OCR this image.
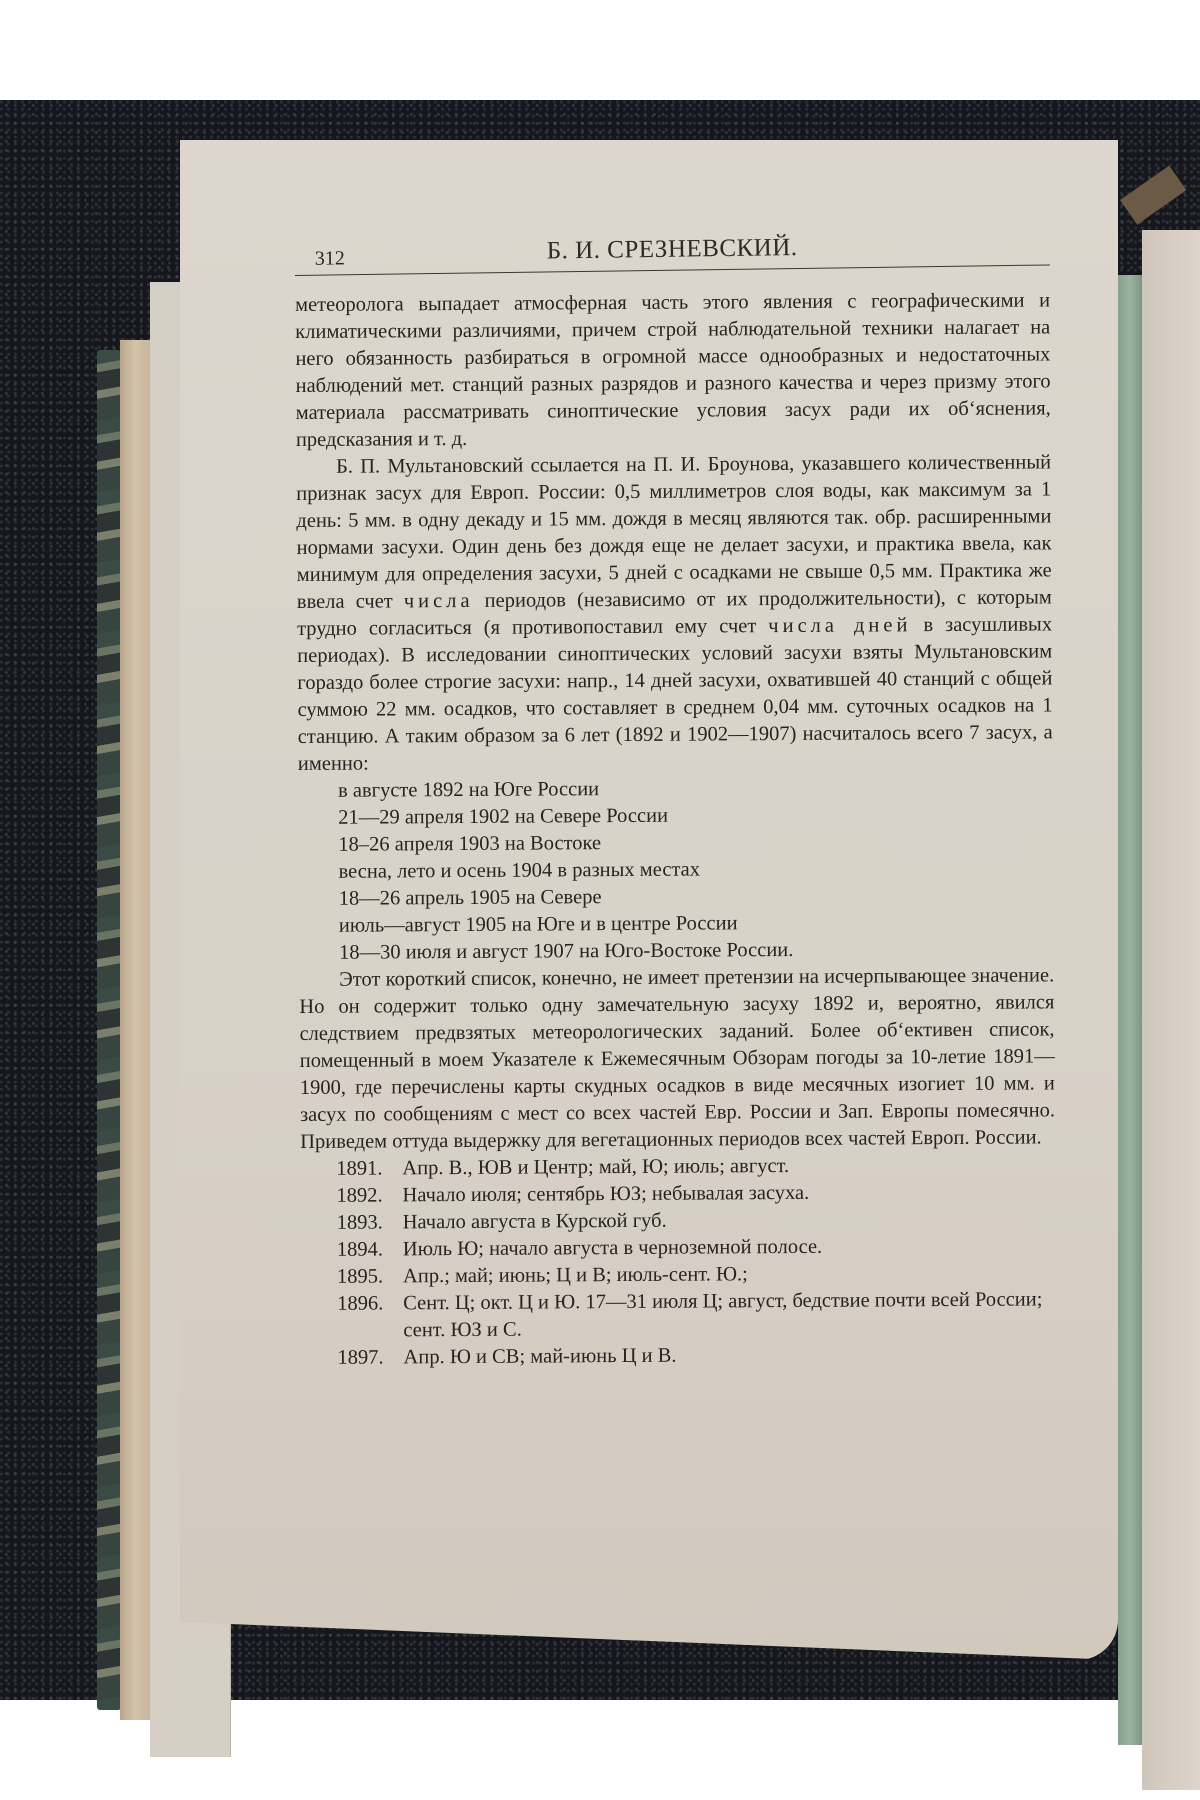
312	Б. И. СРЕЗНЕВСКИЙ.

метеоролога выпадает атмосферная часть этого явления с географическими и климатическими различиями, причем строй наблюдательной техники налагает на него обязанность разбираться в огромной массе однообразных и недостаточных наблюдений мет. станций разных разрядов и разного качества и через призму этого материала рассматривать синоптические условия засух ради их об‘яснения, предсказания и т. д.

Б. П. Мультановский ссылается на П. И. Броунова, указавшего количественный признак засух для Европ. России: 0,5 миллиметров слоя воды, как максимум за 1 день: 5 мм. в одну декаду и 15 мм. дождя в месяц являются так. обр. расширенными нормами засухи. Один день без дождя еще не делает засухи, и практика ввела, как минимум для определения засухи, 5 дней с осадками не свыше 0,5 мм. Практика же ввела счет числа периодов (независимо от их продолжительности), с которым трудно согласиться (я противопоставил ему счет числа дней в засушливых периодах). В исследовании синоптических условий засухи взяты Мультановским гораздо более строгие засухи: напр., 14 дней засухи, охватившей 40 станций с общей суммою 22 мм. осадков, что составляет в среднем 0,04 мм. суточных осадков на 1 станцию. А таким образом за 6 лет (1892 и 1902—1907) насчиталось всего 7 засух, а именно:

в августе 1892 на Юге России
21—29 апреля 1902 на Севере России
18–26 апреля 1903 на Востоке
весна, лето и осень 1904 в разных местах
18—26 апрель 1905 на Севере
июль—август 1905 на Юге и в центре России
18—30 июля и август 1907 на Юго-Востоке России.

Этот короткий список, конечно, не имеет претензии на исчерпывающее значение. Но он содержит только одну замечательную засуху 1892 и, вероятно, явился следствием предвзятых метеорологических заданий. Более об‘ективен список, помещенный в моем Указателе к Ежемесячным Обзорам погоды за 10-летие 1891—1900, где перечислены карты скудных осадков в виде месячных изогиет 10 мм. и засух по сообщениям с мест со всех частей Евр. России и Зап. Европы помесячно. Приведем оттуда выдержку для вегетационных периодов всех частей Европ. России.

1891. Апр. В., ЮВ и Центр; май, Ю; июль; август.
1892. Начало июля; сентябрь ЮЗ; небывалая засуха.
1893. Начало августа в Курской губ.
1894. Июль Ю; начало августа в черноземной полосе.
1895. Апр.; май; июнь; Ц и В; июль-сент. Ю.;
1896. Сент. Ц; окт. Ц и Ю. 17—31 июля Ц; август, бедствие почти всей России; сент. ЮЗ и С.
1897. Апр. Ю и СВ; май-июнь Ц и В.
